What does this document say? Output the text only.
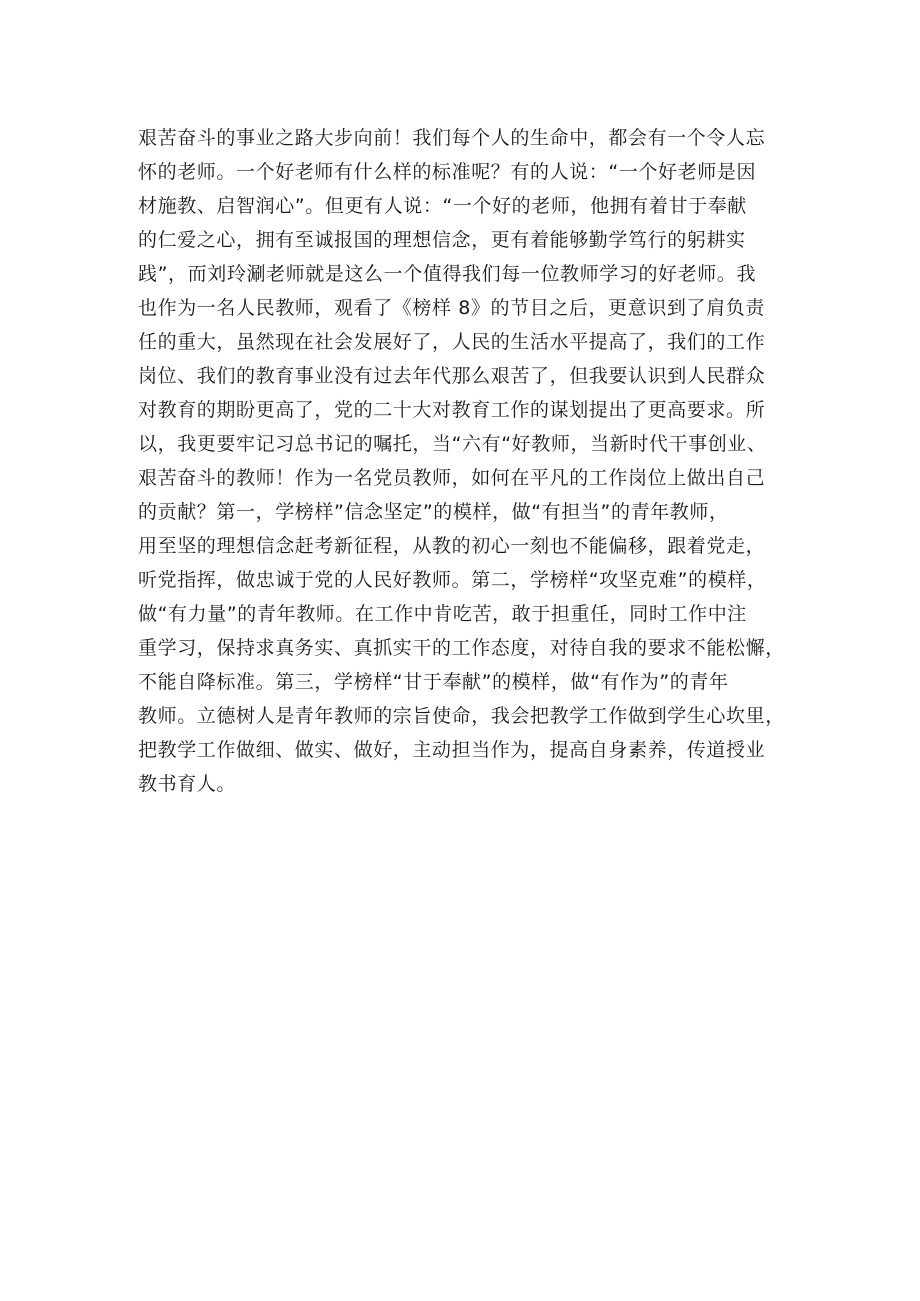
艰苦奋斗的事业之路大步向前！我们每个人的生命中，都会有一个令人忘
怀的老师。一个好老师有什么样的标准呢？有的人说：“一个好老师是因
材施教、启智润心”。但更有人说：“一个好的老师，他拥有着甘于奉献
的仁爱之心，拥有至诚报国的理想信念，更有着能够勤学笃行的躬耕实
践”，而刘玲涮老师就是这么一个值得我们每一位教师学习的好老师。我
也作为一名人民教师，观看了《榜样 8》的节目之后，更意识到了肩负责
任的重大，虽然现在社会发展好了，人民的生活水平提高了，我们的工作
岗位、我们的教育事业没有过去年代那么艰苦了，但我要认识到人民群众
对教育的期盼更高了，党的二十大对教育工作的谋划提出了更高要求。所
以，我更要牢记习总书记的嘱托，当“六有“好教师，当新时代干事创业、
艰苦奋斗的教师！作为一名党员教师，如何在平凡的工作岗位上做出自己
的贡献？第一，学榜样”信念坚定”的模样，做“有担当”的青年教师，
用至坚的理想信念赶考新征程，从教的初心一刻也不能偏移，跟着党走，
听党指挥，做忠诚于党的人民好教师。第二，学榜样“攻坚克难”的模样，
做“有力量”的青年教师。在工作中肯吃苦，敢于担重任，同时工作中注
重学习，保持求真务实、真抓实干的工作态度，对待自我的要求不能松懈，
不能自降标准。第三，学榜样“甘于奉献”的模样，做“有作为”的青年
教师。立德树人是青年教师的宗旨使命，我会把教学工作做到学生心坎里，
把教学工作做细、做实、做好，主动担当作为，提高自身素养，传道授业
教书育人。
